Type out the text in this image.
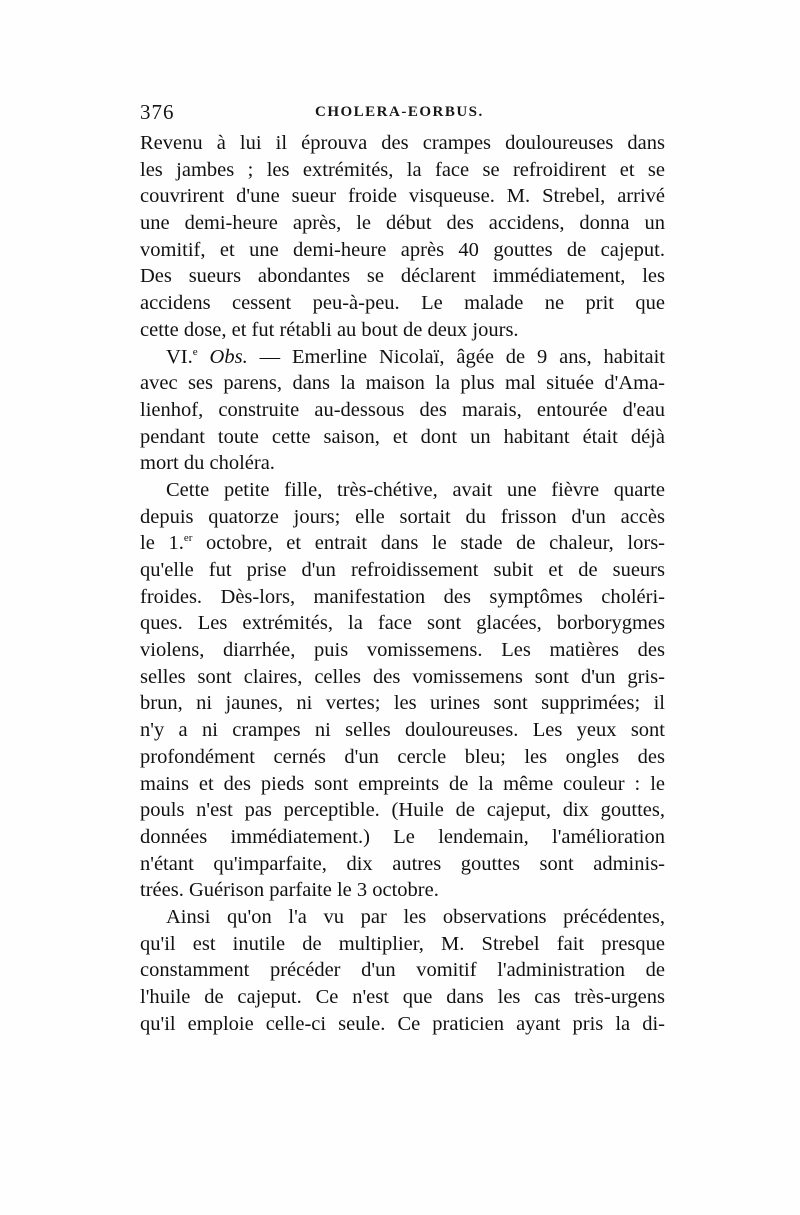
376	CHOLERA-EORBUS.
Revenu à lui il éprouva des crampes douloureuses dans
les jambes ; les extrémités, la face se refroidirent et se
couvrirent d'une sueur froide visqueuse. M. Strebel, arrivé
une demi-heure après, le début des accidens, donna un
vomitif, et une demi-heure après 40 gouttes de cajeput.
Des sueurs abondantes se déclarent immédiatement, les
accidens cessent peu-à-peu. Le malade ne prit que
cette dose, et fut rétabli au bout de deux jours.
VI.$^e$ Obs. — Emerline Nicolaï, âgée de 9 ans, habitait
avec ses parens, dans la maison la plus mal située d'Ama-
lienhof, construite au-dessous des marais, entourée d'eau
pendant toute cette saison, et dont un habitant était déjà
mort du choléra.
Cette petite fille, très-chétive, avait une fièvre quarte
depuis quatorze jours; elle sortait du frisson d'un accès
le 1.$^{er}$ octobre, et entrait dans le stade de chaleur, lors-
qu'elle fut prise d'un refroidissement subit et de sueurs
froides. Dès-lors, manifestation des symptômes choléri-
ques. Les extrémités, la face sont glacées, borborygmes
violens, diarrhée, puis vomissemens. Les matières des
selles sont claires, celles des vomissemens sont d'un gris-
brun, ni jaunes, ni vertes; les urines sont supprimées; il
n'y a ni crampes ni selles douloureuses. Les yeux sont
profondément cernés d'un cercle bleu; les ongles des
mains et des pieds sont empreints de la même couleur : le
pouls n'est pas perceptible. (Huile de cajeput, dix gouttes,
données immédiatement.) Le lendemain, l'amélioration
n'étant qu'imparfaite, dix autres gouttes sont adminis-
trées. Guérison parfaite le 3 octobre.
Ainsi qu'on l'a vu par les observations précédentes,
qu'il est inutile de multiplier, M. Strebel fait presque
constamment précéder d'un vomitif l'administration de
l'huile de cajeput. Ce n'est que dans les cas très-urgens
qu'il emploie celle-ci seule. Ce praticien ayant pris la di-
